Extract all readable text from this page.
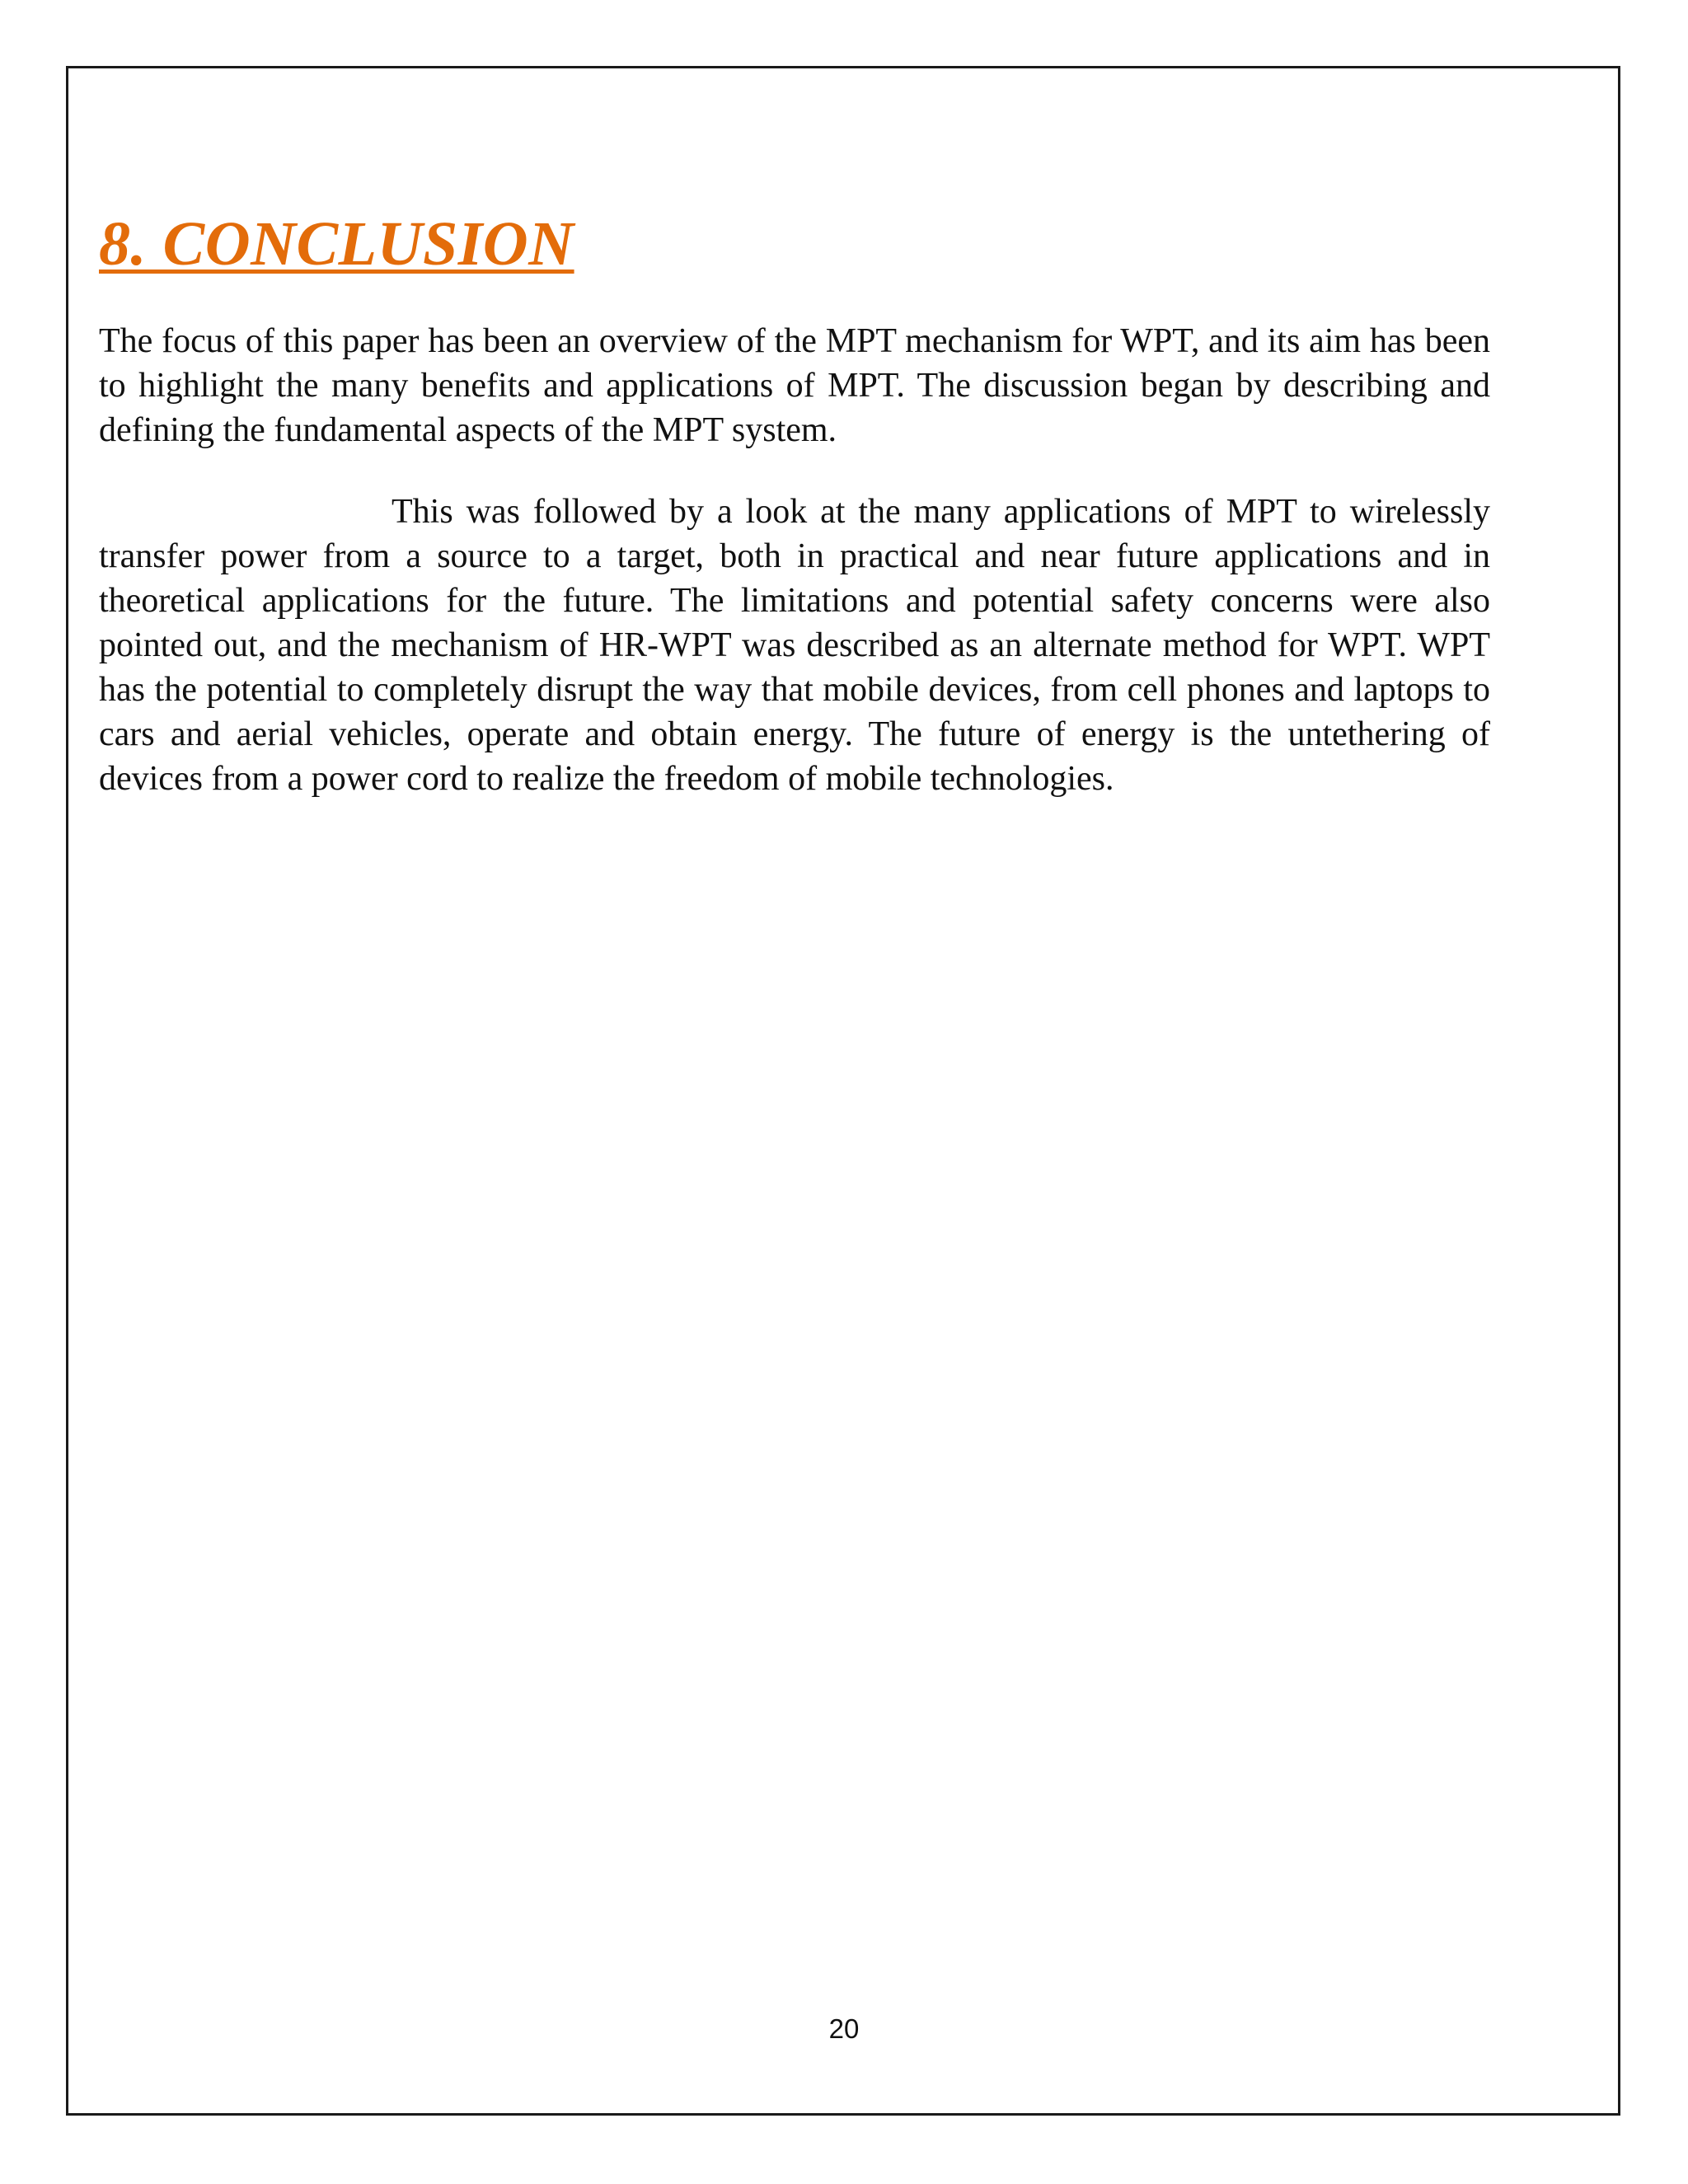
8. CONCLUSION

The focus of this paper has been an overview of the MPT mechanism for WPT, and its aim has been to highlight the many benefits and applications of MPT. The discussion began by describing and defining the fundamental aspects of the MPT system.

This was followed by a look at the many applications of MPT to wirelessly transfer power from a source to a target, both in practical and near future applications and in theoretical applications for the future. The limitations and potential safety concerns were also pointed out, and the mechanism of HR-WPT was described as an alternate method for WPT. WPT has the potential to completely disrupt the way that mobile devices, from cell phones and laptops to cars and aerial vehicles, operate and obtain energy. The future of energy is the untethering of devices from a power cord to realize the freedom of mobile technologies.

20
